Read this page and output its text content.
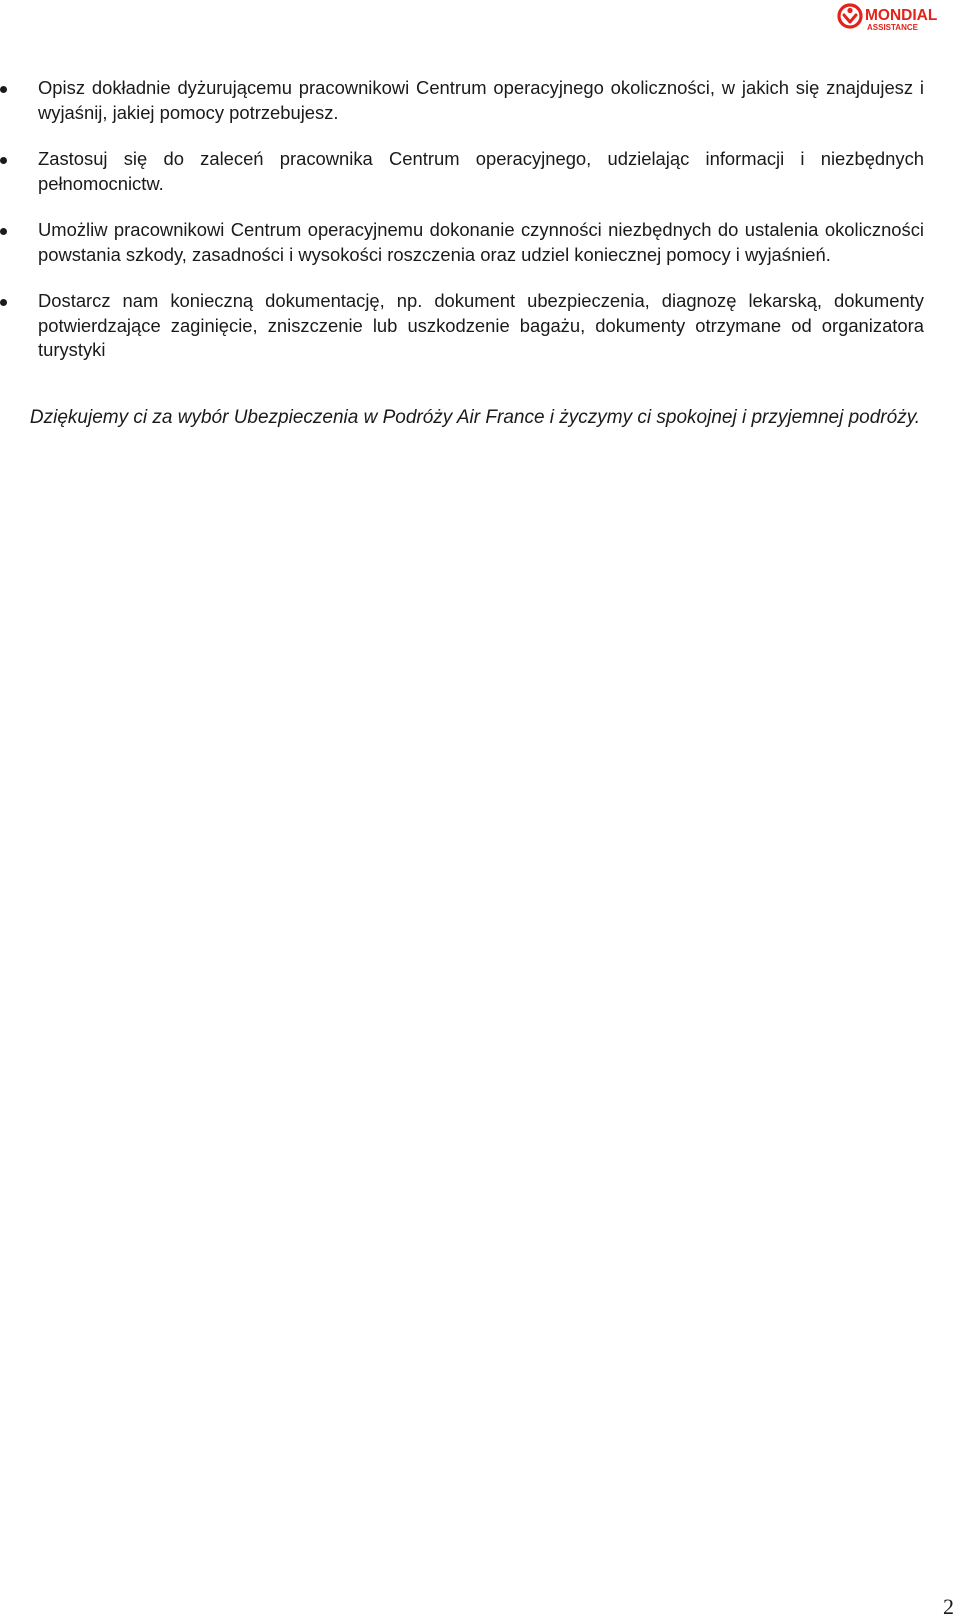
MONDIAL
ASSISTANCE
Opisz dokładnie dyżurującemu pracownikowi Centrum operacyjnego okoliczności, w jakich się znajdujesz i wyjaśnij, jakiej pomocy potrzebujesz.
Zastosuj się do zaleceń pracownika Centrum operacyjnego, udzielając informacji i niezbędnych pełnomocnictw.
Umożliw pracownikowi Centrum operacyjnemu dokonanie czynności niezbędnych do ustalenia okoliczności powstania szkody, zasadności i wysokości roszczenia oraz udziel koniecznej pomocy i wyjaśnień.
Dostarcz nam konieczną dokumentację, np. dokument ubezpieczenia, diagnozę lekarską, dokumenty potwierdzające zaginięcie, zniszczenie lub uszkodzenie bagażu, dokumenty otrzymane od organizatora turystyki

Dziękujemy ci za wybór Ubezpieczenia w Podróży Air France i życzymy ci spokojnej i przyjemnej podróży.

2
